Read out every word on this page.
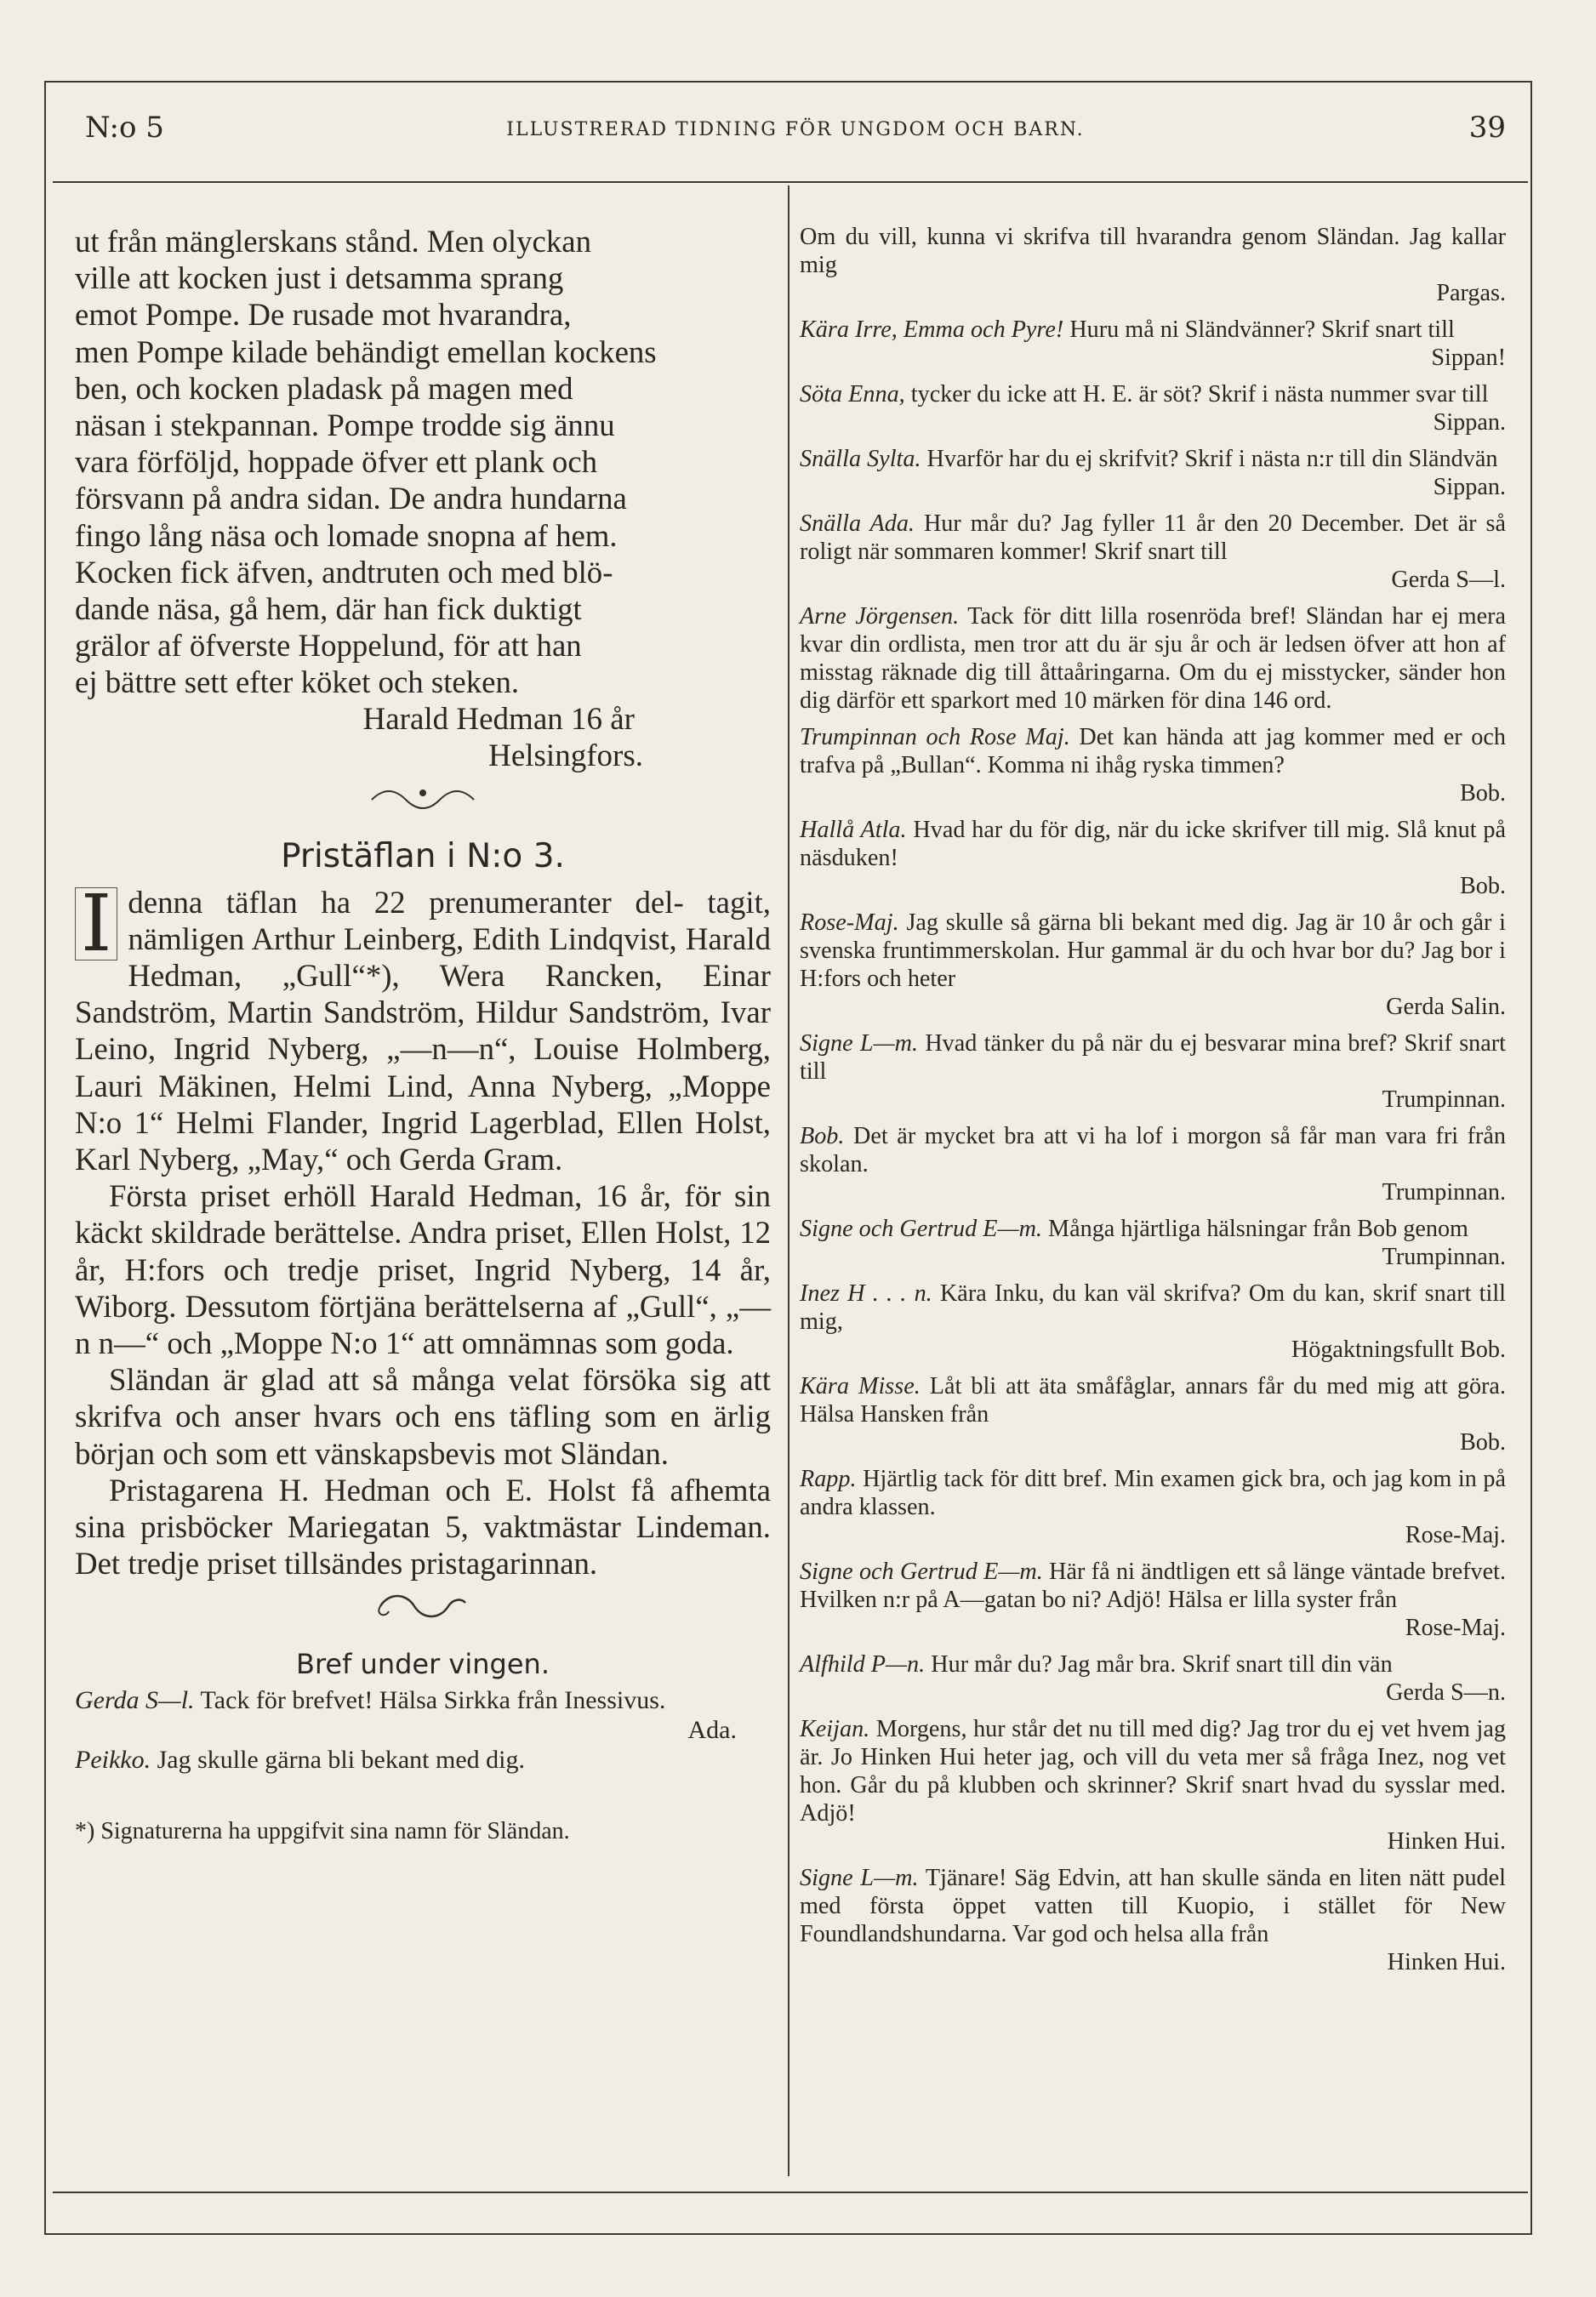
N:o 5	ILLUSTRERAD TIDNING FÖR UNGDOM OCH BARN.	39

ut från mänglerskans stånd. Men olyckan

ville att kocken just i detsamma sprang

emot Pompe. De rusade mot hvarandra,

men Pompe kilade behändigt emellan kockens

ben, och kocken pladask på magen med

näsan i stekpannan. Pompe trodde sig ännu

vara förföljd, hoppade öfver ett plank och

försvann på andra sidan. De andra hundarna

fingo lång näsa och lomade snopna af hem.

Kocken fick äfven, andtruten och med blö-

dande näsa, gå hem, där han fick duktigt

grälor af öfverste Hoppelund, för att han

ej bättre sett efter köket och steken.

Harald Hedman 16 år

Helsingfors.

Pristäflan i N:o 3.
I denna täflan ha 22 prenumeranter del- tagit, nämligen Arthur Leinberg, Edith Lindqvist, Harald Hedman, „Gull“*), Wera Rancken, Einar Sandström, Martin Sandström, Hildur Sandström, Ivar Leino, Ingrid Nyberg, „—n—n“, Louise Holmberg, Lauri Mäkinen, Helmi Lind, Anna Nyberg, „Moppe N:o 1“ Helmi Flander, Ingrid Lagerblad, Ellen Holst, Karl Nyberg, „May,“ och Gerda Gram.

Första priset erhöll Harald Hedman, 16 år, för sin käckt skildrade berättelse. Andra priset, Ellen Holst, 12 år, H:fors och tredje priset, Ingrid Nyberg, 14 år, Wiborg. Dessutom förtjäna berättelserna af „Gull“, „—n n—“ och „Moppe N:o 1“ att omnämnas som goda.

Sländan är glad att så många velat försöka sig att skrifva och anser hvars och ens täfling som en ärlig början och som ett vänskapsbevis mot Sländan.

Pristagarena H. Hedman och E. Holst få afhemta sina prisböcker Mariegatan 5, vaktmästar Lindeman. Det tredje priset tillsändes pristagarinnan.

Bref under vingen.

Gerda S—l. Tack för brefvet! Hälsa Sirkka från Inessivus.

Ada.

Peikko. Jag skulle gärna bli bekant med dig.

*) Signaturerna ha uppgifvit sina namn för Sländan.

Om du vill, kunna vi skrifva till hvarandra genom Sländan. Jag kallar mig

Pargas.

Kära Irre, Emma och Pyre! Huru må ni Sländvänner? Skrif snart till

Sippan!

Söta Enna, tycker du icke att H. E. är söt? Skrif i nästa nummer svar till

Sippan.

Snälla Sylta. Hvarför har du ej skrifvit? Skrif i nästa n:r till din Sländvän

Sippan.

Snälla Ada. Hur mår du? Jag fyller 11 år den 20 December. Det är så roligt när sommaren kommer! Skrif snart till

Gerda S—l.

Arne Jörgensen. Tack för ditt lilla rosenröda bref! Sländan har ej mera kvar din ordlista, men tror att du är sju år och är ledsen öfver att hon af misstag räknade dig till åttaåringarna. Om du ej misstycker, sänder hon dig därför ett sparkort med 10 märken för dina 146 ord.

Trumpinnan och Rose Maj. Det kan hända att jag kommer med er och trafva på „Bullan“. Komma ni ihåg ryska timmen?

Bob.

Hallå Atla. Hvad har du för dig, när du icke skrifver till mig. Slå knut på näsduken!

Bob.

Rose-Maj. Jag skulle så gärna bli bekant med dig. Jag är 10 år och går i svenska fruntimmerskolan. Hur gammal är du och hvar bor du? Jag bor i H:fors och heter

Gerda Salin.

Signe L—m. Hvad tänker du på när du ej besvarar mina bref? Skrif snart till

Trumpinnan.

Bob. Det är mycket bra att vi ha lof i morgon så får man vara fri från skolan.

Trumpinnan.

Signe och Gertrud E—m. Många hjärtliga hälsningar från Bob genom

Trumpinnan.

Inez H . . . n. Kära Inku, du kan väl skrifva? Om du kan, skrif snart till mig,

Högaktningsfullt Bob.

Kära Misse. Låt bli att äta småfåglar, annars får du med mig att göra. Hälsa Hansken från

Bob.

Rapp. Hjärtlig tack för ditt bref. Min examen gick bra, och jag kom in på andra klassen.

Rose-Maj.

Signe och Gertrud E—m. Här få ni ändtligen ett så länge väntade brefvet. Hvilken n:r på A—gatan bo ni? Adjö! Hälsa er lilla syster från

Rose-Maj.

Alfhild P—n. Hur mår du? Jag mår bra. Skrif snart till din vän

Gerda S—n.

Keijan. Morgens, hur står det nu till med dig? Jag tror du ej vet hvem jag är. Jo Hinken Hui heter jag, och vill du veta mer så fråga Inez, nog vet hon. Går du på klubben och skrinner? Skrif snart hvad du sysslar med. Adjö!

Hinken Hui.

Signe L—m. Tjänare! Säg Edvin, att han skulle sända en liten nätt pudel med första öppet vatten till Kuopio, i stället för New Foundlandshundarna. Var god och helsa alla från

Hinken Hui.
